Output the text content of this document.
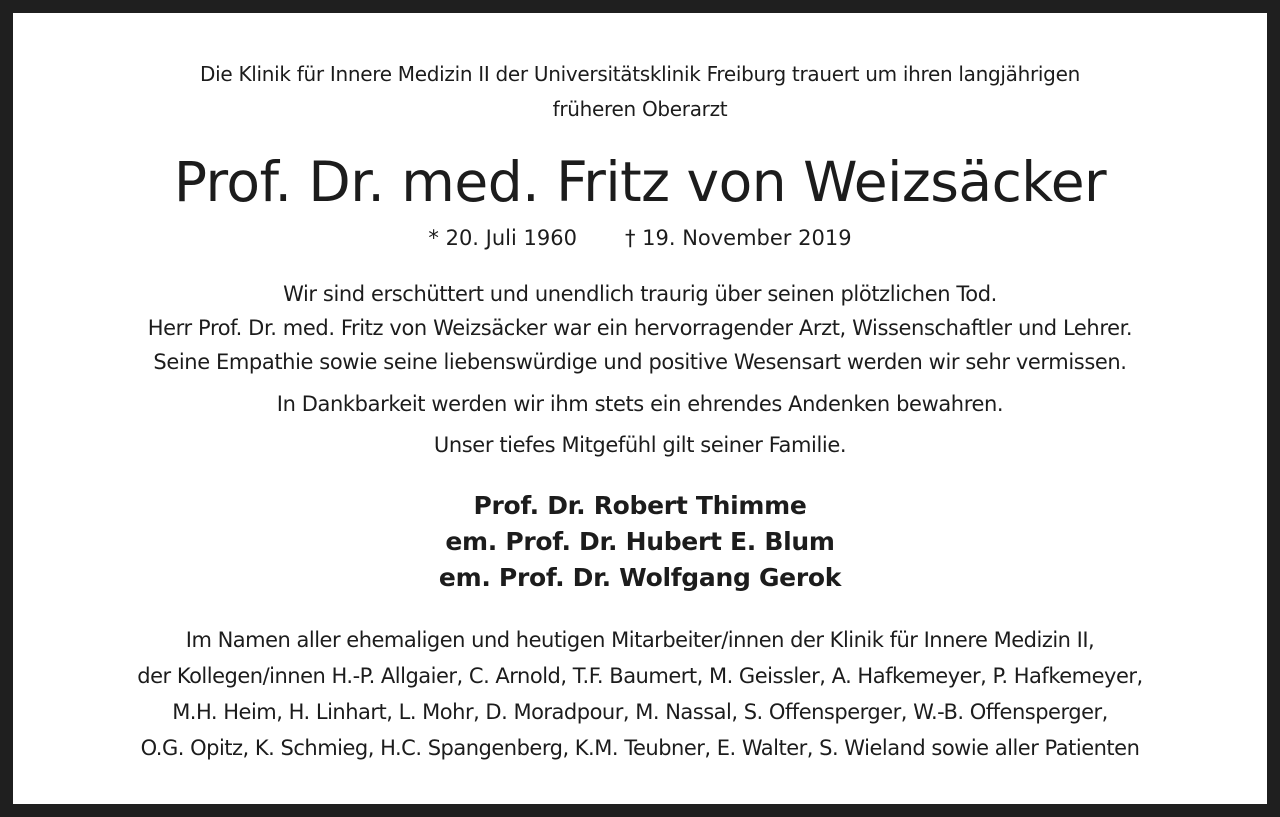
Die Klinik für Innere Medizin II der Universitätsklinik Freiburg trauert um ihren langjährigen
früheren Oberarzt
Prof. Dr. med. Fritz von Weizsäcker
* 20. Juli 1960 † 19. November 2019
Wir sind erschüttert und unendlich traurig über seinen plötzlichen Tod.
Herr Prof. Dr. med. Fritz von Weizsäcker war ein hervorragender Arzt, Wissenschaftler und Lehrer.
Seine Empathie sowie seine liebenswürdige und positive Wesensart werden wir sehr vermissen.
In Dankbarkeit werden wir ihm stets ein ehrendes Andenken bewahren.
Unser tiefes Mitgefühl gilt seiner Familie.
Prof. Dr. Robert Thimme
em. Prof. Dr. Hubert E. Blum
em. Prof. Dr. Wolfgang Gerok
Im Namen aller ehemaligen und heutigen Mitarbeiter/innen der Klinik für Innere Medizin II,
der Kollegen/innen H.-P. Allgaier, C. Arnold, T.F. Baumert, M. Geissler, A. Hafkemeyer, P. Hafkemeyer,
M.H. Heim, H. Linhart, L. Mohr, D. Moradpour, M. Nassal, S. Offensperger, W.-B. Offensperger,
O.G. Opitz, K. Schmieg, H.C. Spangenberg, K.M. Teubner, E. Walter, S. Wieland sowie aller Patienten
